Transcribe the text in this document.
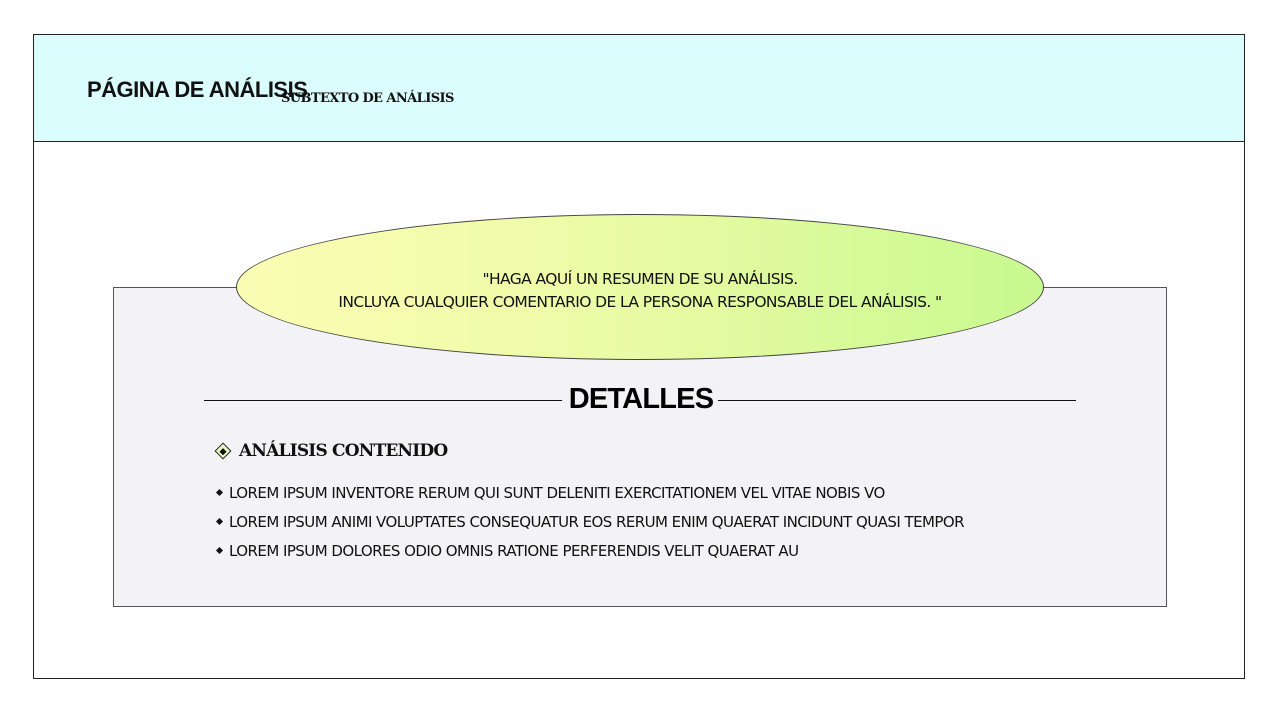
PÁGINA DE ANÁLISIS
SUBTEXTO DE ANÁLISIS
"HAGA AQUÍ UN RESUMEN DE SU ANÁLISIS.
INCLUYA CUALQUIER COMENTARIO DE LA PERSONA RESPONSABLE DEL ANÁLISIS. "
DETALLES
ANÁLISIS CONTENIDO
LOREM IPSUM INVENTORE RERUM QUI SUNT DELENITI EXERCITATIONEM VEL VITAE NOBIS VO
LOREM IPSUM ANIMI VOLUPTATES CONSEQUATUR EOS RERUM ENIM QUAERAT INCIDUNT QUASI TEMPOR
LOREM IPSUM DOLORES ODIO OMNIS RATIONE PERFERENDIS VELIT QUAERAT AU
